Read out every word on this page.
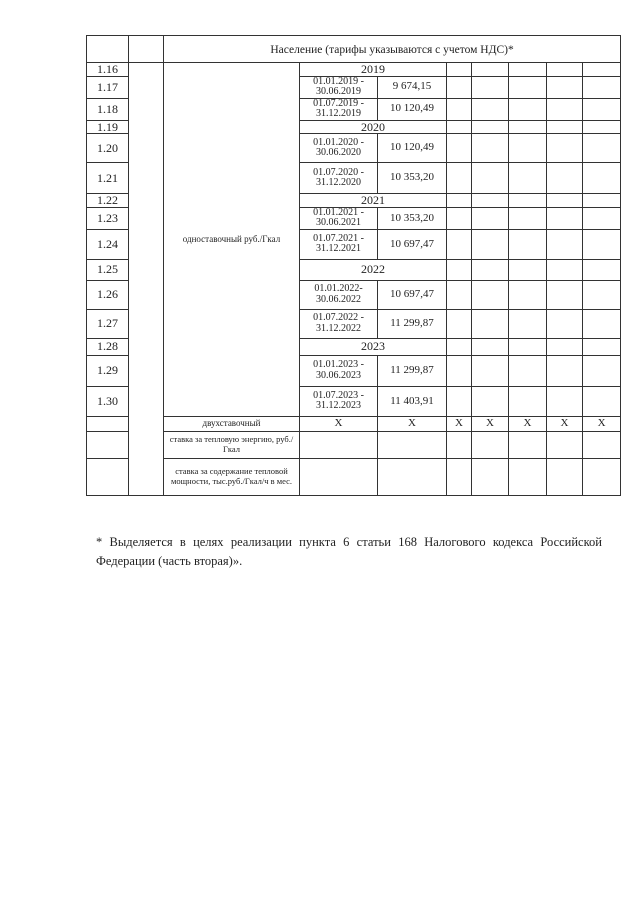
		Население (тарифы указываются с учетом НДС)*							
1.16		одноставочный руб./Гкал	2019						
1.17			01.01.2019 - 30.06.2019	9 674,15					
1.18			01.07.2019 - 31.12.2019	10 120,49					
1.19			2020						
1.20			01.01.2020 - 30.06.2020	10 120,49					
1.21			01.07.2020 - 31.12.2020	10 353,20					
1.22			2021						
1.23			01.01.2021 - 30.06.2021	10 353,20					
1.24			01.07.2021 - 31.12.2021	10 697,47					
1.25			2022						
1.26			01.01.2022- 30.06.2022	10 697,47					
1.27			01.07.2022 - 31.12.2022	11 299,87					
1.28			2023						
1.29			01.01.2023 - 30.06.2023	11 299,87					
1.30			01.07.2023 - 31.12.2023	11 403,91					
		двухставочный	Х	Х	Х	Х	Х	Х	Х
		ставка за тепловую энергию, руб./Гкал							
		ставка за содержание тепловой мощности, тыс.руб./Гкал/ч в мес.							

* Выделяется в целях реализации пункта 6 статьи 168 Налогового кодекса Российской Федерации (часть вторая)».
